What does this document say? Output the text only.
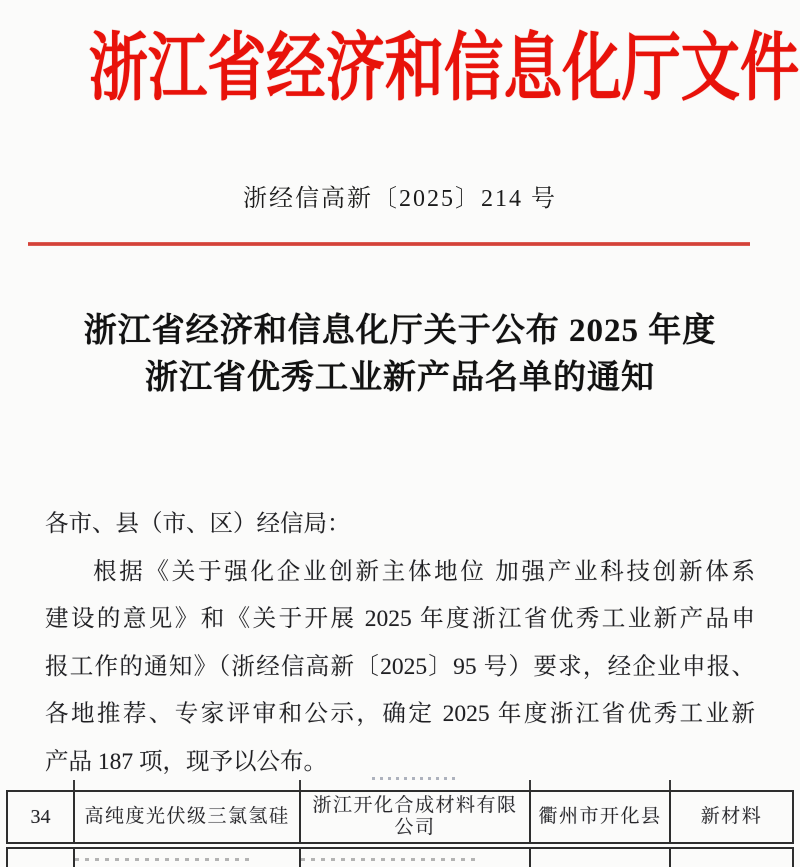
浙江省经济和信息化厅文件
浙经信高新〔2025〕214 号
浙江省经济和信息化厅关于公布 2025 年度
浙江省优秀工业新产品名单的通知
各市、县（市、区）经信局：
根据《关于强化企业创新主体地位 加强产业科技创新体系
建设的意见》和《关于开展 2025 年度浙江省优秀工业新产品申
报工作的通知》（浙经信高新〔2025〕95 号）要求，经企业申报、
各地推荐、专家评审和公示，确定 2025 年度浙江省优秀工业新
产品 187 项，现予以公布。
34	高纯度光伏级三氯氢硅
浙江开化合成材料有限
公司
衢州市开化县	新材料
